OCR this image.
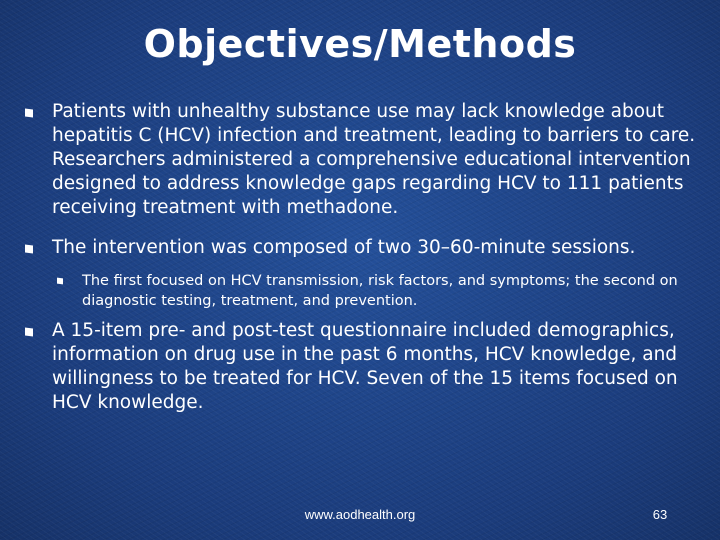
Objectives/Methods
Patients with unhealthy substance use may lack knowledge about hepatitis C (HCV) infection and treatment, leading to barriers to care. Researchers administered a comprehensive educational intervention designed to address knowledge gaps regarding HCV to 111 patients receiving treatment with methadone.
The intervention was composed of two 30–60-minute sessions.
The first focused on HCV transmission, risk factors, and symptoms; the second on diagnostic testing, treatment, and prevention.
A 15-item pre- and post-test questionnaire included demographics, information on drug use in the past 6 months, HCV knowledge, and willingness to be treated for HCV. Seven of the 15 items focused on HCV knowledge.
www.aodhealth.org	63
